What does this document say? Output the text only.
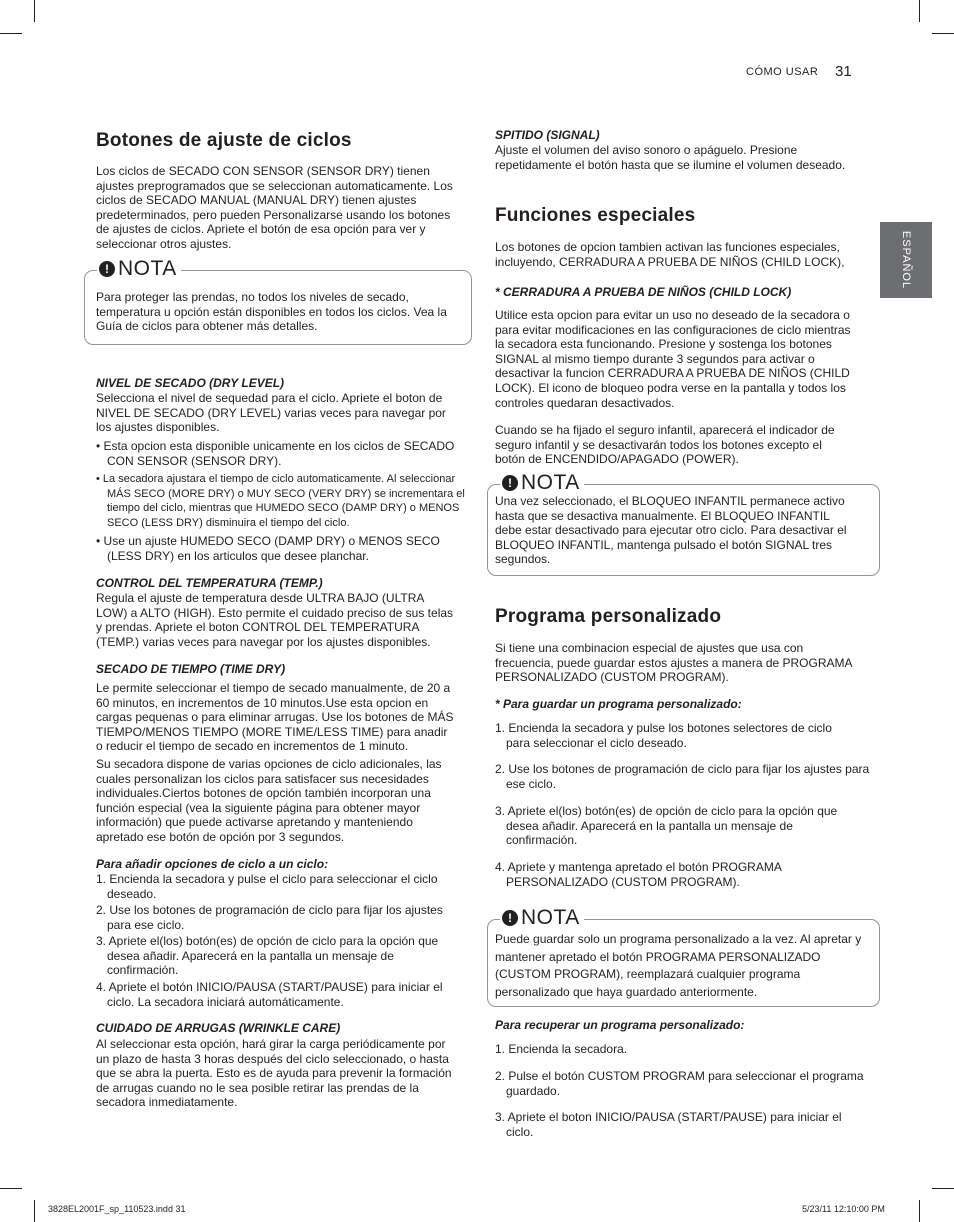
CÓMO USAR 31
ESPAÑOL
Botones de ajuste de ciclos

Los ciclos de SECADO CON SENSOR (SENSOR DRY) tienen ajustes preprogramados que se seleccionan automaticamente. Los ciclos de SECADO MANUAL (MANUAL DRY) tienen ajustes predeterminados, pero pueden Personalizarse usando los botones de ajustes de ciclos. Apriete el botón de esa opción para ver y seleccionar otros ajustes.

! NOTA

Para proteger las prendas, no todos los niveles de secado, temperatura u opción están disponibles en todos los ciclos. Vea la Guía de ciclos para obtener más detalles.

NIVEL DE SECADO (DRY LEVEL)

Selecciona el nivel de sequedad para el ciclo. Apriete el boton de NIVEL DE SECADO (DRY LEVEL) varias veces para navegar por los ajustes disponibles.

• Esta opcion esta disponible unicamente en los ciclos de SECADO CON SENSOR (SENSOR DRY).

• La secadora ajustara el tiempo de ciclo automaticamente. Al seleccionar MÁS SECO (MORE DRY) o MUY SECO (VERY DRY) se incrementara el tiempo del ciclo, mientras que HUMEDO SECO (DAMP DRY) o MENOS SECO (LESS DRY) disminuira el tiempo del ciclo.

• Use un ajuste HUMEDO SECO (DAMP DRY) o MENOS SECO (LESS DRY) en los articulos que desee planchar.

CONTROL DEL TEMPERATURA (TEMP.)

Regula el ajuste de temperatura desde ULTRA BAJO (ULTRA LOW) a ALTO (HIGH). Esto permite el cuidado preciso de sus telas y prendas. Apriete el boton CONTROL DEL TEMPERATURA (TEMP.) varias veces para navegar por los ajustes disponibles.

SECADO DE TIEMPO (TIME DRY)

Le permite seleccionar el tiempo de secado manualmente, de 20 a 60 minutos, en incrementos de 10 minutos.Use esta opcion en cargas pequenas o para eliminar arrugas. Use los botones de MÁS TIEMPO/MENOS TIEMPO (MORE TIME/LESS TIME) para anadir o reducir el tiempo de secado en incrementos de 1 minuto.

Su secadora dispone de varias opciones de ciclo adicionales, las cuales personalizan los ciclos para satisfacer sus necesidades individuales.Ciertos botones de opción también incorporan una función especial (vea la siguiente página para obtener mayor información) que puede activarse apretando y manteniendo apretado ese botón de opción por 3 segundos.

Para añadir opciones de ciclo a un ciclo:

1. Encienda la secadora y pulse el ciclo para seleccionar el ciclo deseado.

2. Use los botones de programación de ciclo para fijar los ajustes para ese ciclo.

3. Apriete el(los) botón(es) de opción de ciclo para la opción que desea añadir. Aparecerá en la pantalla un mensaje de confirmación.

4. Apriete el botón INICIO/PAUSA (START/PAUSE) para iniciar el ciclo. La secadora iniciará automáticamente.

CUIDADO DE ARRUGAS (WRINKLE CARE)

Al seleccionar esta opción, hará girar la carga periódicamente por un plazo de hasta 3 horas después del ciclo seleccionado, o hasta que se abra la puerta. Esto es de ayuda para prevenir la formación de arrugas cuando no le sea posible retirar las prendas de la secadora inmediatamente.

SPITIDO (SIGNAL)

Ajuste el volumen del aviso sonoro o apáguelo. Presione repetidamente el botón hasta que se ilumine el volumen deseado.

Funciones especiales

Los botones de opcion tambien activan las funciones especiales, incluyendo, CERRADURA A PRUEBA DE NIÑOS (CHILD LOCK),

* CERRADURA A PRUEBA DE NIÑOS (CHILD LOCK)

Utilice esta opcion para evitar un uso no deseado de la secadora o para evitar modificaciones en las configuraciones de ciclo mientras la secadora esta funcionando. Presione y sostenga los botones SIGNAL al mismo tiempo durante 3 segundos para activar o desactivar la funcion CERRADURA A PRUEBA DE NIÑOS (CHILD LOCK). El icono de bloqueo podra verse en la pantalla y todos los controles quedaran desactivados.

Cuando se ha fijado el seguro infantil, aparecerá el indicador de seguro infantil y se desactivarán todos los botones excepto el botón de ENCENDIDO/APAGADO (POWER).

! NOTA

Una vez seleccionado, el BLOQUEO INFANTIL permanece activo hasta que se desactiva manualmente. El BLOQUEO INFANTIL debe estar desactivado para ejecutar otro ciclo. Para desactivar el BLOQUEO INFANTIL, mantenga pulsado el botón SIGNAL tres segundos.

Programa personalizado

Si tiene una combinacion especial de ajustes que usa con frecuencia, puede guardar estos ajustes a manera de PROGRAMA PERSONALIZADO (CUSTOM PROGRAM).

* Para guardar un programa personalizado:

1. Encienda la secadora y pulse los botones selectores de ciclo para seleccionar el ciclo deseado.

2. Use los botones de programación de ciclo para fijar los ajustes para ese ciclo.

3. Apriete el(los) botón(es) de opción de ciclo para la opción que desea añadir. Aparecerá en la pantalla un mensaje de confirmación.

4. Apriete y mantenga apretado el botón PROGRAMA PERSONALIZADO (CUSTOM PROGRAM).

! NOTA

Puede guardar solo un programa personalizado a la vez. Al apretar y mantener apretado el botón PROGRAMA PERSONALIZADO (CUSTOM PROGRAM), reemplazará cualquier programa personalizado que haya guardado anteriormente.

Para recuperar un programa personalizado:

1. Encienda la secadora.

2. Pulse el botón CUSTOM PROGRAM para seleccionar el programa guardado.

3. Apriete el boton INICIO/PAUSA (START/PAUSE) para iniciar el ciclo.

3828EL2001F_sp_110523.indd 31	5/23/11 12:10:00 PM
